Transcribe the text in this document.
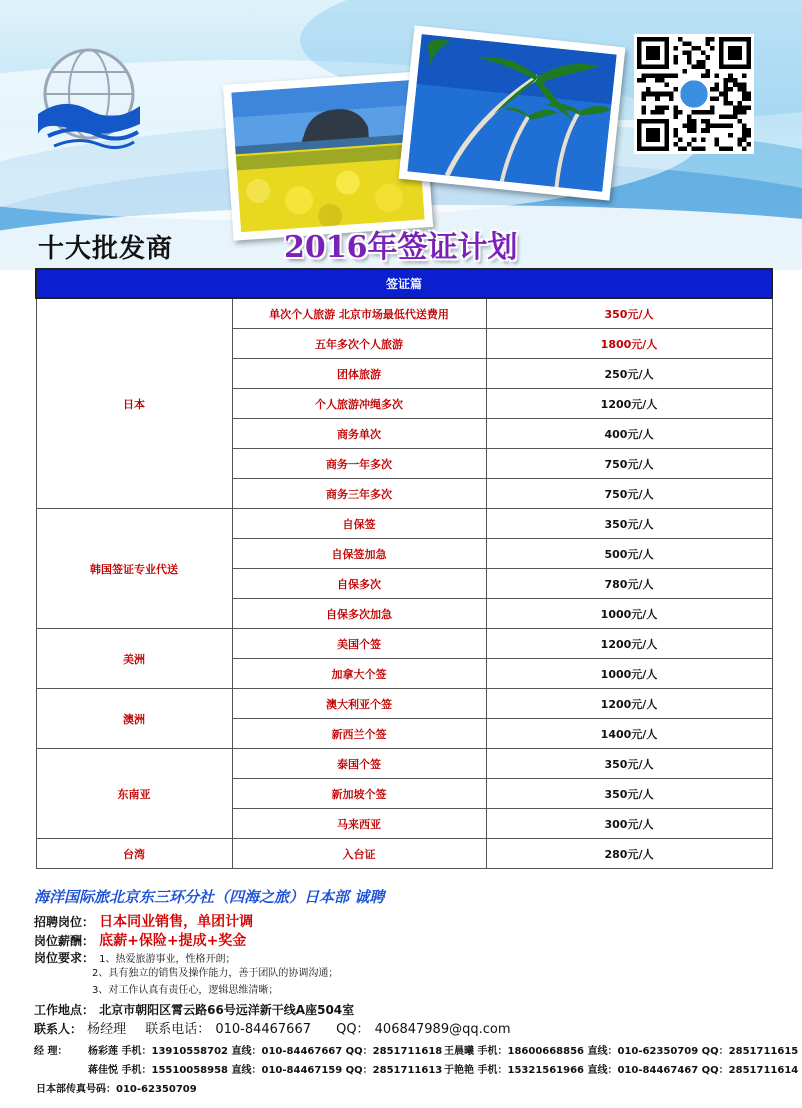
十大批发商	2016年签证计划
签证篇		
日本	单次个人旅游 北京市场最低代送费用	350元/人
	五年多次个人旅游	1800元/人
	团体旅游	250元/人
	个人旅游冲绳多次	1200元/人
	商务单次	400元/人
	商务一年多次	750元/人
	商务三年多次	750元/人
韩国签证专业代送	自保签	350元/人
	自保签加急	500元/人
	自保多次	780元/人
	自保多次加急	1000元/人
美洲	美国个签	1200元/人
	加拿大个签	1000元/人
澳洲	澳大利亚个签	1200元/人
	新西兰个签	1400元/人
东南亚	泰国个签	350元/人
	新加坡个签	350元/人
	马来西亚	300元/人
台湾	入台证	280元/人
海洋国际旅北京东三环分社（四海之旅）日本部 诚聘
招聘岗位： 日本同业销售，单团计调
岗位薪酬： 底薪+保险+提成+奖金
岗位要求： 1、热爱旅游事业，性格开朗；
2、具有独立的销售及操作能力，善于团队的协调沟通；
3、对工作认真有责任心，逻辑思维清晰；
工作地点： 北京市朝阳区霄云路66号远洋新干线A座504室
联系人： 杨经理 联系电话： 010-84467667 QQ： 406847989@qq.com
经 理： 杨彩莲 手机：13910558702 直线：010-84467667 QQ：2851711618 王晨曦 手机：18600668856 直线：010-62350709 QQ：2851711615
蒋佳悦 手机：15510058958 直线：010-84467159 QQ：2851711613 于艳艳 手机：15321561966 直线：010-84467467 QQ：2851711614
日本部传真号码：010-62350709
